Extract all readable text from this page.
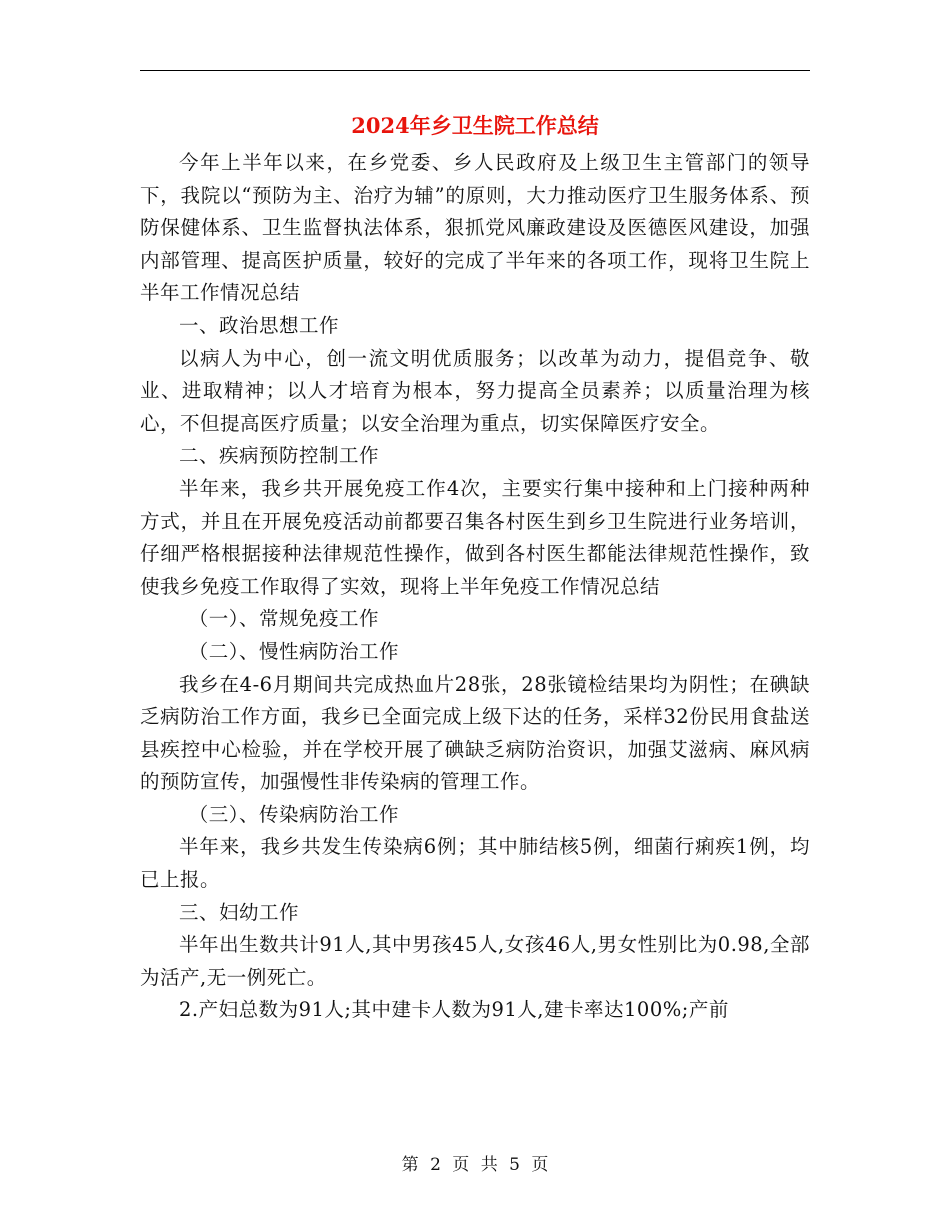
2024年乡卫生院工作总结

今年上半年以来，在乡党委、乡人民政府及上级卫生主管部门的领导下，我院以“预防为主、治疗为辅”的原则，大力推动医疗卫生服务体系、预防保健体系、卫生监督执法体系，狠抓党风廉政建设及医德医风建设，加强内部管理、提高医护质量，较好的完成了半年来的各项工作，现将卫生院上半年工作情况总结

一、政治思想工作

以病人为中心，创一流文明优质服务；以改革为动力，提倡竞争、敬业、进取精神；以人才培育为根本，努力提高全员素养；以质量治理为核心，不但提高医疗质量；以安全治理为重点，切实保障医疗安全。

二、疾病预防控制工作

半年来，我乡共开展免疫工作4次，主要实行集中接种和上门接种两种方式，并且在开展免疫活动前都要召集各村医生到乡卫生院进行业务培训，仔细严格根据接种法律规范性操作，做到各村医生都能法律规范性操作，致使我乡免疫工作取得了实效，现将上半年免疫工作情况总结

（一）、常规免疫工作

（二）、慢性病防治工作

我乡在4-6月期间共完成热血片28张，28张镜检结果均为阴性；在碘缺乏病防治工作方面，我乡已全面完成上级下达的任务，采样32份民用食盐送县疾控中心检验，并在学校开展了碘缺乏病防治资识，加强艾滋病、麻风病的预防宣传，加强慢性非传染病的管理工作。

（三）、传染病防治工作

半年来，我乡共发生传染病6例；其中肺结核5例，细菌行痢疾1例，均已上报。

三、妇幼工作

半年出生数共计91人,其中男孩45人,女孩46人,男女性别比为0.98,全部为活产,无一例死亡。

2.产妇总数为91人;其中建卡人数为91人,建卡率达100%;产前

第 2 页 共 5 页
